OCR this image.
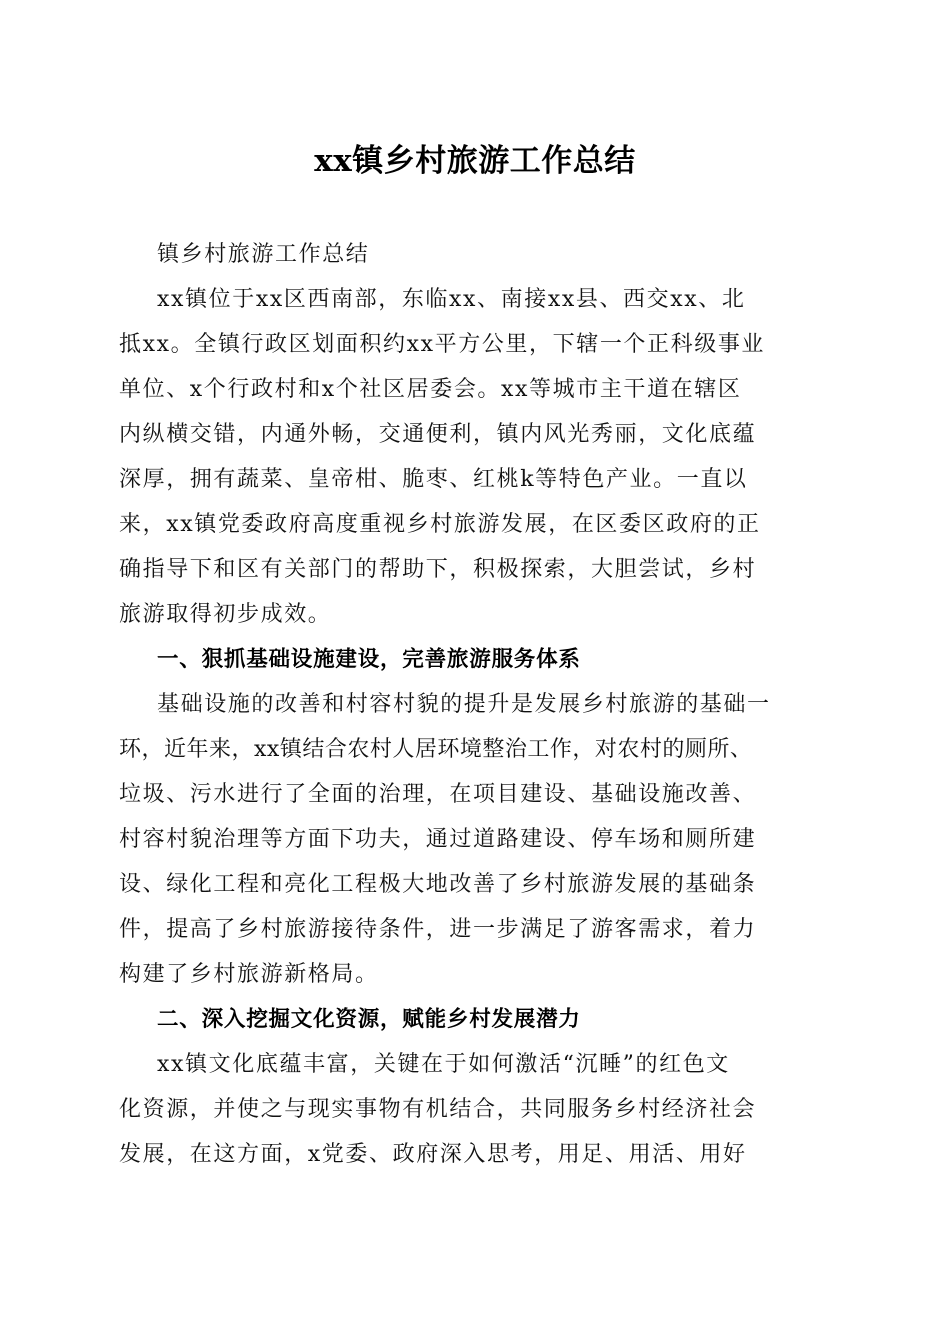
xx镇乡村旅游工作总结
镇乡村旅游工作总结
xx镇位于xx区西南部，东临xx、南接xx县、西交xx、北
抵xx。全镇行政区划面积约xx平方公里，下辖一个正科级事业
单位、x个行政村和x个社区居委会。xx等城市主干道在辖区
内纵横交错，内通外畅，交通便利，镇内风光秀丽，文化底蕴
深厚，拥有蔬菜、皇帝柑、脆枣、红桃k等特色产业。一直以
来，xx镇党委政府高度重视乡村旅游发展，在区委区政府的正
确指导下和区有关部门的帮助下，积极探索，大胆尝试，乡村
旅游取得初步成效。
一、狠抓基础设施建设，完善旅游服务体系
基础设施的改善和村容村貌的提升是发展乡村旅游的基础一
环，近年来，xx镇结合农村人居环境整治工作，对农村的厕所、
垃圾、污水进行了全面的治理，在项目建设、基础设施改善、
村容村貌治理等方面下功夫，通过道路建设、停车场和厕所建
设、绿化工程和亮化工程极大地改善了乡村旅游发展的基础条
件，提高了乡村旅游接待条件，进一步满足了游客需求，着力
构建了乡村旅游新格局。
二、深入挖掘文化资源，赋能乡村发展潜力
xx镇文化底蕴丰富，关键在于如何激活“沉睡”的红色文
化资源，并使之与现实事物有机结合，共同服务乡村经济社会
发展，在这方面，x党委、政府深入思考，用足、用活、用好
